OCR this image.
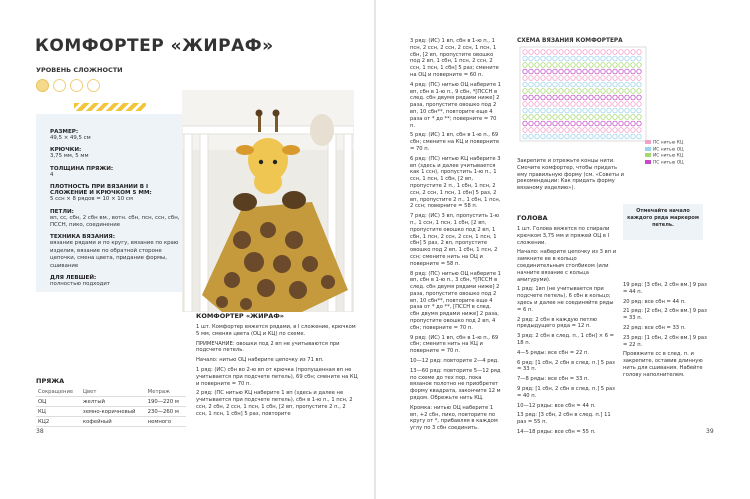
КОМФОРТЕР «ЖИРАФ»
УРОВЕНЬ СЛОЖНОСТИ
РАЗМЕР:
49,5 × 49,5 см
КРЮЧКИ:
3,75 мм, 5 мм
ТОЛЩИНА ПРЯЖИ:
4
ПЛОТНОСТЬ ПРИ ВЯЗАНИИ В I СЛОЖЕНИЕ И КРЮЧКОМ 5 ММ:
5 ссн × 8 рядов = 10 × 10 см
ПЕТЛИ:
вп, сс, сбн, 2 сбн вм., вотн. сбн, псн, ссн, сбн, ПССН, пико, соединение
ТЕХНИКА ВЯЗАНИЯ:
вязание рядами и по кругу, вязание по краю изделия, вязание по обратной стороне цепочки, смена цвета, придание формы, сшивание
ДЛЯ ЛЕВШЕЙ:
полностью подходит
ПРЯЖА
Сокращение	Цвет	Метраж
ОЦ	желтый	190—220 м
КЦ	земно-коричневый	230—260 м
КЦ2	кофейный	немного
КОМФОРТЕР «ЖИРАФ»

1 шт. Комфортер вяжется рядами, в I сложение, крючком 5 мм, сменяя цвета (ОЦ и КЦ) по схеме.

ПРИМЕЧАНИЕ: овошки под 2 вп не учитываются при подсчете петель.

Начало: нитью ОЦ наберите цепочку из 71 вп.

1 ряд: (ИС) сбн во 2-ю вп от крючка (пропущенная вп не учитывается при подсчете петель), 69 сбн; смените на КЦ и поверните = 70 п.

2 ряд: (ПС нитью КЦ наберите 1 вп (здесь и далее не учитывается при подсчете петель), сбн в 1-ю п., 1 псн, 2 ссн, 2 сбн, 2 ссн, 1 псн, 1 сбн, [2 вп, пропустите 2 п., 2 ссн, 1 псн, 1 сбн] 5 раз, повторите

38

3 ряд: (ИС) 1 вп, сбн в 1-ю п., 1 псн, 2 ссн, 2 ссн, 2 ссн, 1 псн, 1 сбн, [2 вп, пропустите овошко под 2 вп, 1 сбн, 1 псн, 2 ссн, 2 ссн, 1 псн, 1 сбн] 5 раз; смените на ОЦ и поверните = 60 п.

4 ряд: (ПС) нитью ОЦ наберите 1 вп, сбн в 1-ю п., 9 сбн, *[ПССН в след. сбн двумя рядами ниже] 2 раза, пропустите овошко под 2 вп, 10 сбн**, повторите еще 4 раза от * до **; поверните = 70 п.

5 ряд: (ИС) 1 вп, сбн в 1-ю п., 69 сбн; смените на КЦ и поверните = 70 п.

6 ряд: (ПС) нитью КЦ наберите 3 вп (здесь и далее учитывается как 1 ссн), пропустить 1-ю п., 1 ссн, 1 псн, 1 сбн, [2 вп, пропустите 2 п., 1 сбн, 1 псн, 2 ссн, 2 ссн, 1 псн, 1 сбн] 5 раз, 2 вп, пропустите 2 п., 1 сбн, 1 псн, 2 ссн; поверните = 58 п.

7 ряд: (ИС) 3 вп, пропустить 1-ю п., 1 ссн, 1 псн, 1 сбн, [2 вп, пропустите овошко под 2 вп, 1 сбн, 1 псн, 2 ссн, 2 ссн, 1 псн, 1 сбн] 5 раз, 2 вп, пропустите овошко под 2 вп, 1 сбн, 1 псн, 2 ссн; смените нить на ОЦ и поверните = 58 п.

8 ряд: (ПС) нитью ОЦ наберите 1 вп, сбн в 1-ю п., 3 сбн, *[ПССН в след. сбн двумя рядами ниже] 2 раза, пропустите овошко под 2 вп, 10 сбн**, повторите еще 4 раза от * до **, [ПССН в след. сбн двумя рядами ниже] 2 раза, пропустите овошко под 2 вп, 4 сбн; поверните = 70 п.

9 ряд: (ИС) 1 вп, сбн в 1-ю п., 69 сбн; смените нить на КЦ и поверните = 70 п.

10—12 ряд: повторите 2—4 ряд.

13—60 ряд: повторите 5—12 ряд по схеме до тех пор, пока вязаное полотно не приобретет форму квадрата, закончите 12 м рядом. Обрежьте нить КЦ.

Кромка: нитью ОЦ наберите 1 вп, +2 сбн, пико, повторите по кругу от *, прибавляя в каждом углу по 3 сбн соединить.

СХЕМА ВЯЗАНИЯ КОМФОРТЕРА
ПС нитью КЦ
ИС нитью ОЦ
ИС нитью КЦ
ПС нитью ОЦ
Закрепите и отрежьте концы нити. Смочите комфортер, чтобы придать ему правильную форму (см. «Советы и рекомендации: Как придать форму вязаному изделию»).
ГОЛОВА

1 шт. Голова вяжется по спирали крючком 3,75 мм и пряжей ОЦ в I сложении.

Начало: наберите цепочку из 3 вп и замкните ее в кольцо соединительным столбиком (или начните вязание с кольца амигуруми).

1 ряд: 1вп (не учитывается при подсчете петель), 6 сбн в кольцо; здесь и далее не соединяйте ряды = 6 п.

2 ряд: 2 сбн в каждую петлю предыдущего ряда = 12 п.

3 ряд: 2 сбн в след. п., 1 сбн] × 6 = 18 п.

4—5 ряды: все сбн = 22 п.

6 ряд: [1 сбн, 2 сбн в след. п.] 5 раз = 33 п.

7—8 ряды: все сбн = 33 п.

9 ряд: [1 сбн, 2 сбн в след. п.] 5 раз = 40 п.

10—12 ряды: все сбн = 44 п.

13 ряд: [3 сбн, 2 сбн в след. п.] 11 раз = 55 п.

14—18 ряды: все сбн = 55 п.

Отмечайте начало каждого ряда маркером петель.

19 ряд: [3 сбн, 2 сбн вм.] 9 раз = 44 п.

20 ряд: все сбн = 44 п.

21 ряд: [2 сбн, 2 сбн вм.] 9 раз = 33 п.

22 ряд: все сбн = 33 п.

23 ряд: [1 сбн, 2 сбн вм.] 9 раз = 22 п.

Провяжите сс в след. п. и закрепите, оставив длинную нить для сшивания. Набейте голову наполнителем.

39
